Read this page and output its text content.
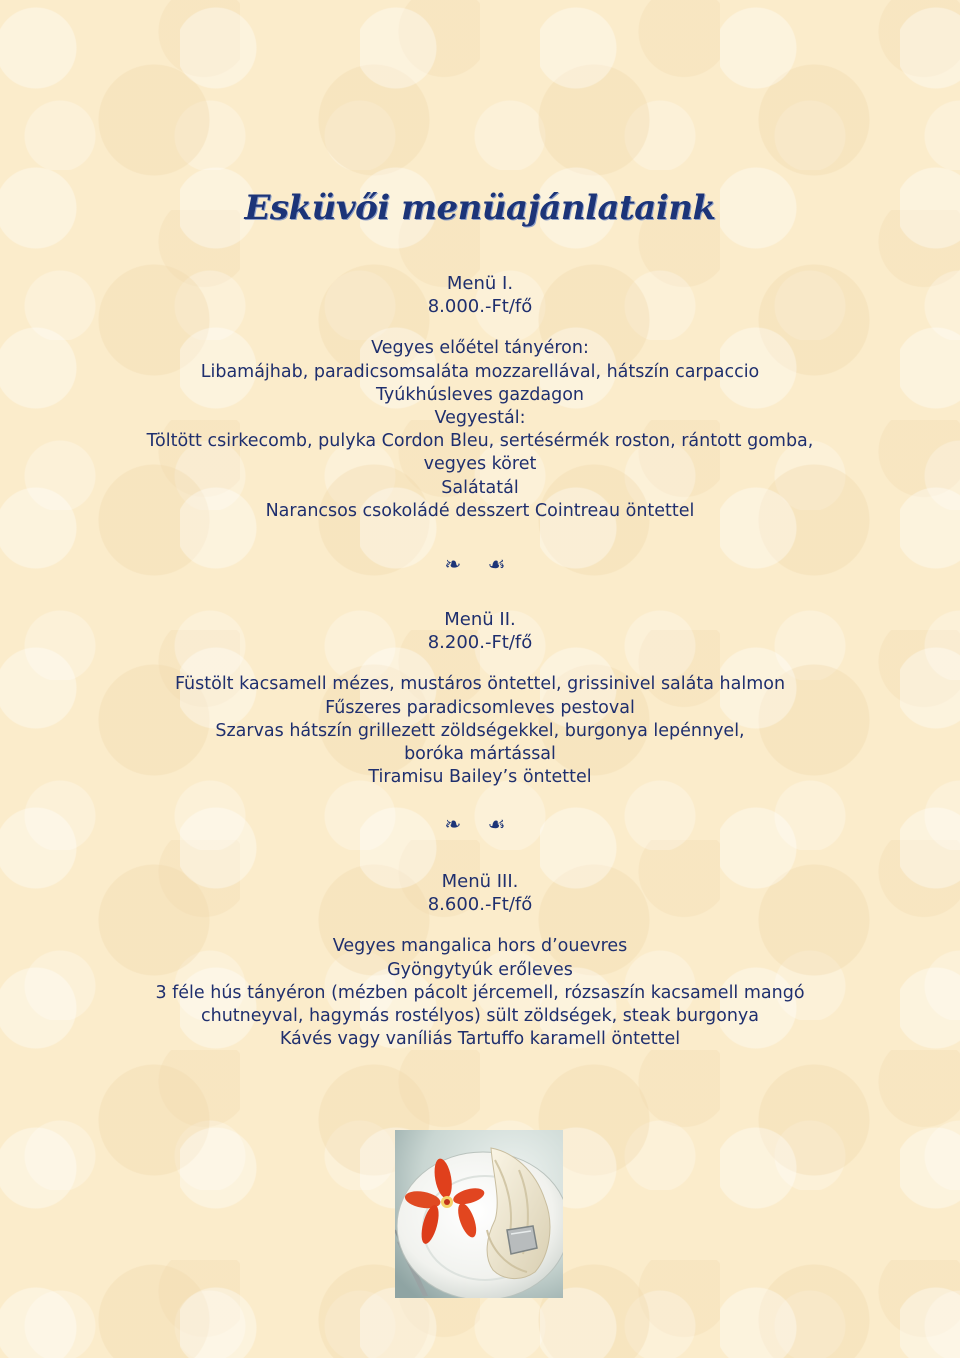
Esküvői menüajánlataink
Menü I.
8.000.-Ft/fő
Vegyes előétel tányéron:
Libamájhab, paradicsomsaláta mozzarellával, hátszín carpaccio
Tyúkhúsleves gazdagon
Vegyestál:
Töltött csirkecomb, pulyka Cordon Bleu, sertésérmék roston, rántott gomba,
vegyes köret
Salátatál
Narancsos csokoládé desszert Cointreau öntettel
❧ ☙
Menü II.
8.200.-Ft/fő
Füstölt kacsamell mézes, mustáros öntettel, grissinivel saláta halmon
Fűszeres paradicsomleves pestoval
Szarvas hátszín grillezett zöldségekkel, burgonya lepénnyel,
boróka mártással
Tiramisu Bailey’s öntettel
❧ ☙
Menü III.
8.600.-Ft/fő
Vegyes mangalica hors d’ouevres
Gyöngytyúk erőleves
3 féle hús tányéron (mézben pácolt jércemell, rózsaszín kacsamell mangó
chutneyval, hagymás rostélyos) sült zöldségek, steak burgonya
Kávés vagy vaníliás Tartuffo karamell öntettel
